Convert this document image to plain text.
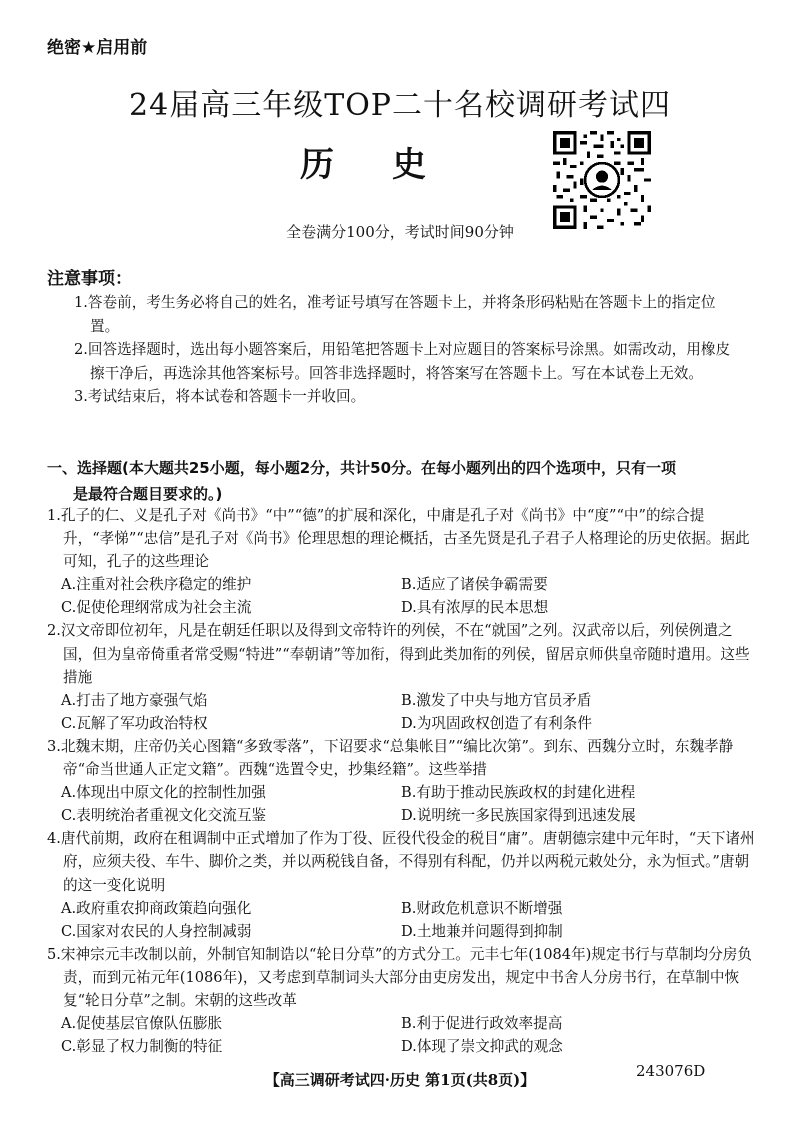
绝密★启用前
24届高三年级TOP二十名校调研考试四
历史
全卷满分100分，考试时间90分钟
注意事项：
1.答卷前，考生务必将自己的姓名，准考证号填写在答题卡上，并将条形码粘贴在答题卡上的指定位置。
2.回答选择题时，选出每小题答案后，用铅笔把答题卡上对应题目的答案标号涂黑。如需改动，用橡皮擦干净后，再选涂其他答案标号。回答非选择题时，将答案写在答题卡上。写在本试卷上无效。
3.考试结束后，将本试卷和答题卡一并收回。
一、选择题(本大题共25小题，每小题2分，共计50分。在每小题列出的四个选项中，只有一项
是最符合题目要求的。)
1.孔子的仁、义是孔子对《尚书》“中”“德”的扩展和深化，中庸是孔子对《尚书》中“度”“中”的综合提升，“孝悌”“忠信”是孔子对《尚书》伦理思想的理论概括，古圣先贤是孔子君子人格理论的历史依据。据此可知，孔子的这些理论
A.注重对社会秩序稳定的维护	B.适应了诸侯争霸需要
C.促使伦理纲常成为社会主流	D.具有浓厚的民本思想
2.汉文帝即位初年，凡是在朝廷任职以及得到文帝特许的列侯，不在“就国”之列。汉武帝以后，列侯例遣之国，但为皇帝倚重者常受赐“特进”“奉朝请”等加衔，得到此类加衔的列侯，留居京师供皇帝随时遣用。这些措施
A.打击了地方豪强气焰	B.激发了中央与地方官员矛盾
C.瓦解了军功政治特权	D.为巩固政权创造了有利条件
3.北魏末期，庄帝仍关心图籍“多致零落”，下诏要求“总集帐目”“编比次第”。到东、西魏分立时，东魏孝静帝“命当世通人正定文籍”。西魏“选置令史，抄集经籍”。这些举措
A.体现出中原文化的控制性加强	B.有助于推动民族政权的封建化进程
C.表明统治者重视文化交流互鉴	D.说明统一多民族国家得到迅速发展
4.唐代前期，政府在租调制中正式增加了作为丁役、匠役代役金的税目“庸”。唐朝德宗建中元年时，“天下诸州府，应须夫役、车牛、脚价之类，并以两税钱自备，不得别有科配，仍并以两税元敕处分，永为恒式。”唐朝的这一变化说明
A.政府重农抑商政策趋向强化	B.财政危机意识不断增强
C.国家对农民的人身控制减弱	D.土地兼并问题得到抑制
5.宋神宗元丰改制以前，外制官知制诰以“轮日分草”的方式分工。元丰七年(1084年)规定书行与草制均分房负责，而到元祐元年(1086年)，又考虑到草制词头大部分由吏房发出，规定中书舍人分房书行，在草制中恢复“轮日分草”之制。宋朝的这些改革
A.促使基层官僚队伍膨胀	B.利于促进行政效率提高
C.彰显了权力制衡的特征	D.体现了崇文抑武的观念
【高三调研考试四·历史 第1页(共8页)】	243076D
